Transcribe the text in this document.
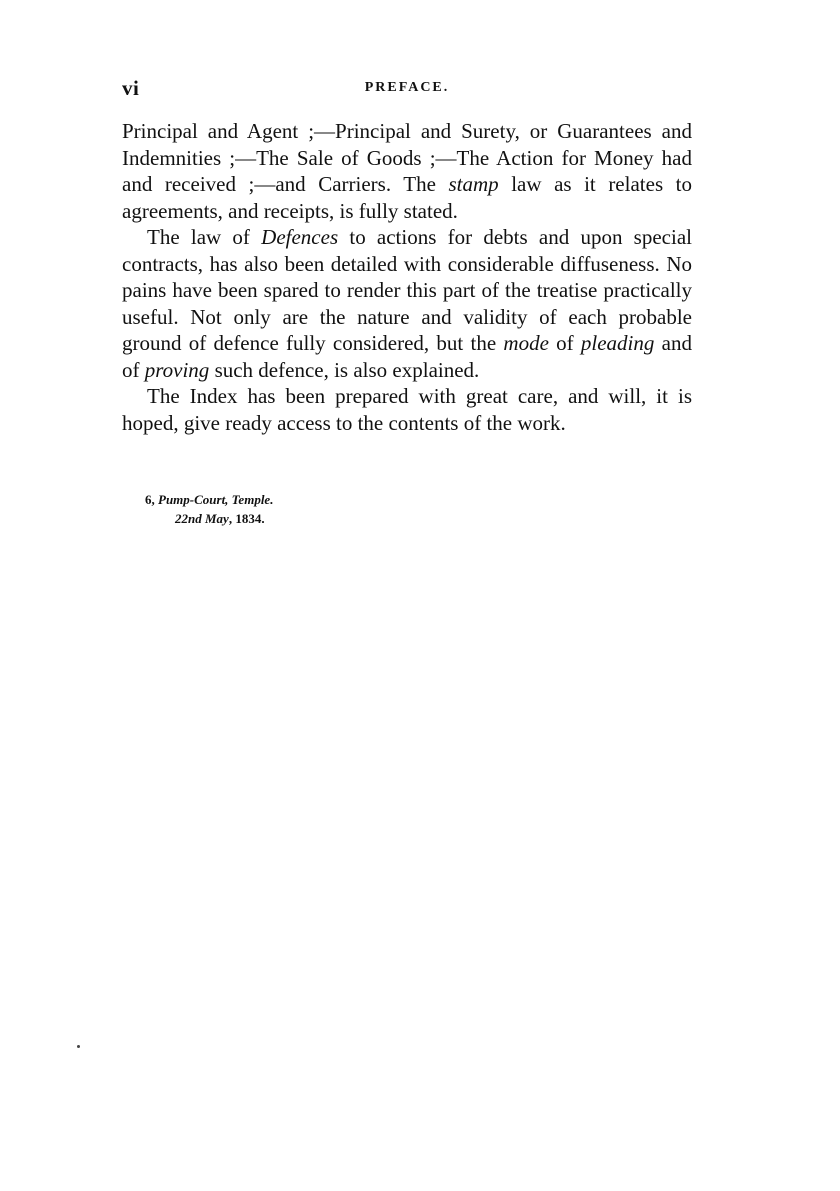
vi	PREFACE.

Principal and Agent ;—Principal and Surety, or Guarantees and Indemnities ;—The Sale of Goods ;—The Action for Money had and received ;—and Carriers. The stamp law as it relates to agreements, and receipts, is fully stated.

The law of Defences to actions for debts and upon special contracts, has also been detailed with considerable diffuseness. No pains have been spared to render this part of the treatise practically useful. Not only are the nature and validity of each probable ground of defence fully considered, but the mode of pleading and of proving such defence, is also explained.

The Index has been prepared with great care, and will, it is hoped, give ready access to the contents of the work.

6, Pump-Court, Temple.
22nd May, 1834.
